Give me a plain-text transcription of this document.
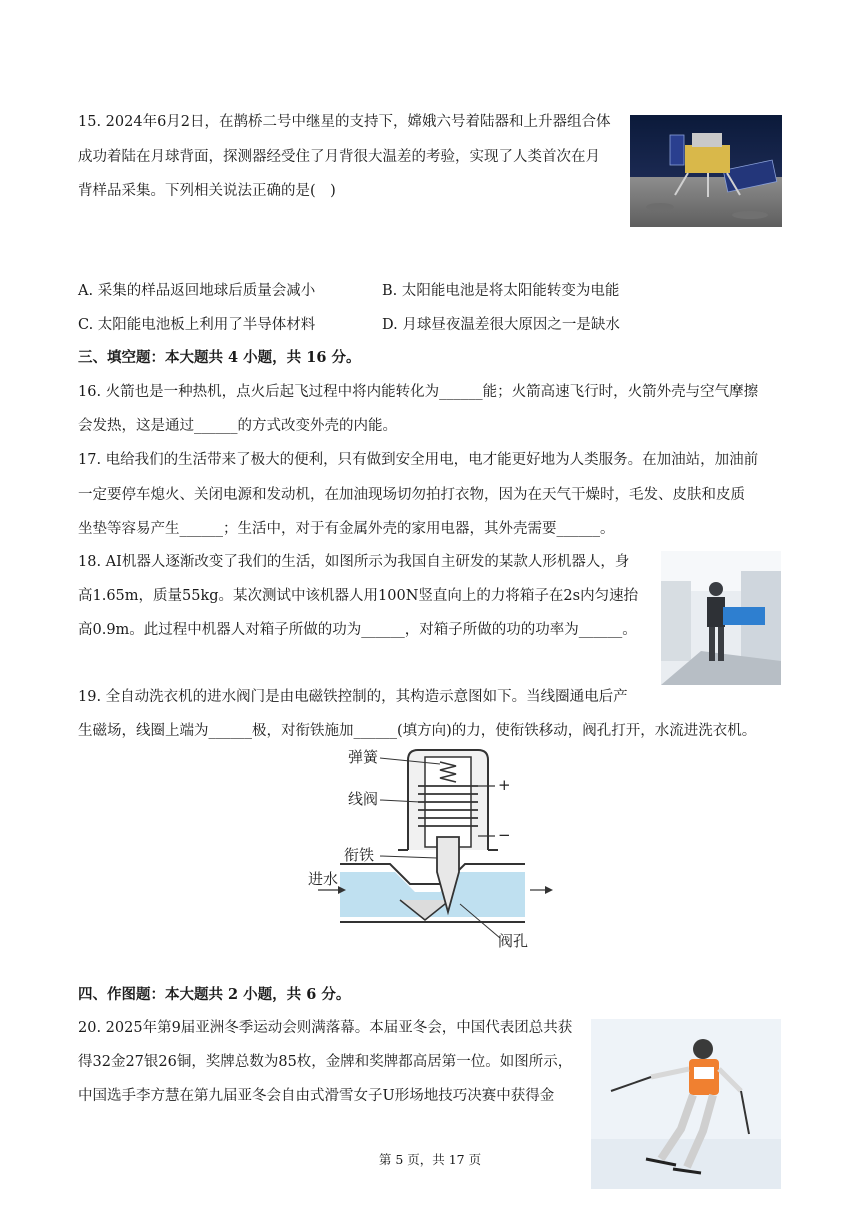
15. 2024年6月2日，在鹊桥二号中继星的支持下，嫦娥六号着陆器和上升器组合体
成功着陆在月球背面，探测器经受住了月背很大温差的考验，实现了人类首次在月
背样品采集。下列相关说法正确的是(　)
A. 采集的样品返回地球后质量会减小	B. 太阳能电池是将太阳能转变为电能
C. 太阳能电池板上利用了半导体材料	D. 月球昼夜温差很大原因之一是缺水
三、填空题：本大题共 4 小题，共 16 分。
16. 火箭也是一种热机，点火后起飞过程中将内能转化为______能；火箭高速飞行时，火箭外壳与空气摩擦
会发热，这是通过______的方式改变外壳的内能。
17. 电给我们的生活带来了极大的便利，只有做到安全用电，电才能更好地为人类服务。在加油站，加油前
一定要停车熄火、关闭电源和发动机，在加油现场切勿拍打衣物，因为在天气干燥时，毛发、皮肤和皮质
坐垫等容易产生______；生活中，对于有金属外壳的家用电器，其外壳需要______。
18. AI机器人逐渐改变了我们的生活，如图所示为我国自主研发的某款人形机器人，身
高1.65m，质量55kg。某次测试中该机器人用100N竖直向上的力将箱子在2s内匀速抬
高0.9m。此过程中机器人对箱子所做的功为______，对箱子所做的功的功率为______。
19. 全自动洗衣机的进水阀门是由电磁铁控制的，其构造示意图如下。当线圈通电后产
生磁场，线圈上端为______极，对衔铁施加______(填方向)的力，使衔铁移动，阀孔打开，水流进洗衣机。
弹簧
线阀
+
−
衔铁
进水
阀孔
四、作图题：本大题共 2 小题，共 6 分。
20. 2025年第9届亚洲冬季运动会则满落幕。本届亚冬会，中国代表团总共获
得32金27银26铜，奖牌总数为85枚，金牌和奖牌都高居第一位。如图所示，
中国选手李方慧在第九届亚冬会自由式滑雪女子U形场地技巧决赛中获得金
第 5 页，共 17 页
